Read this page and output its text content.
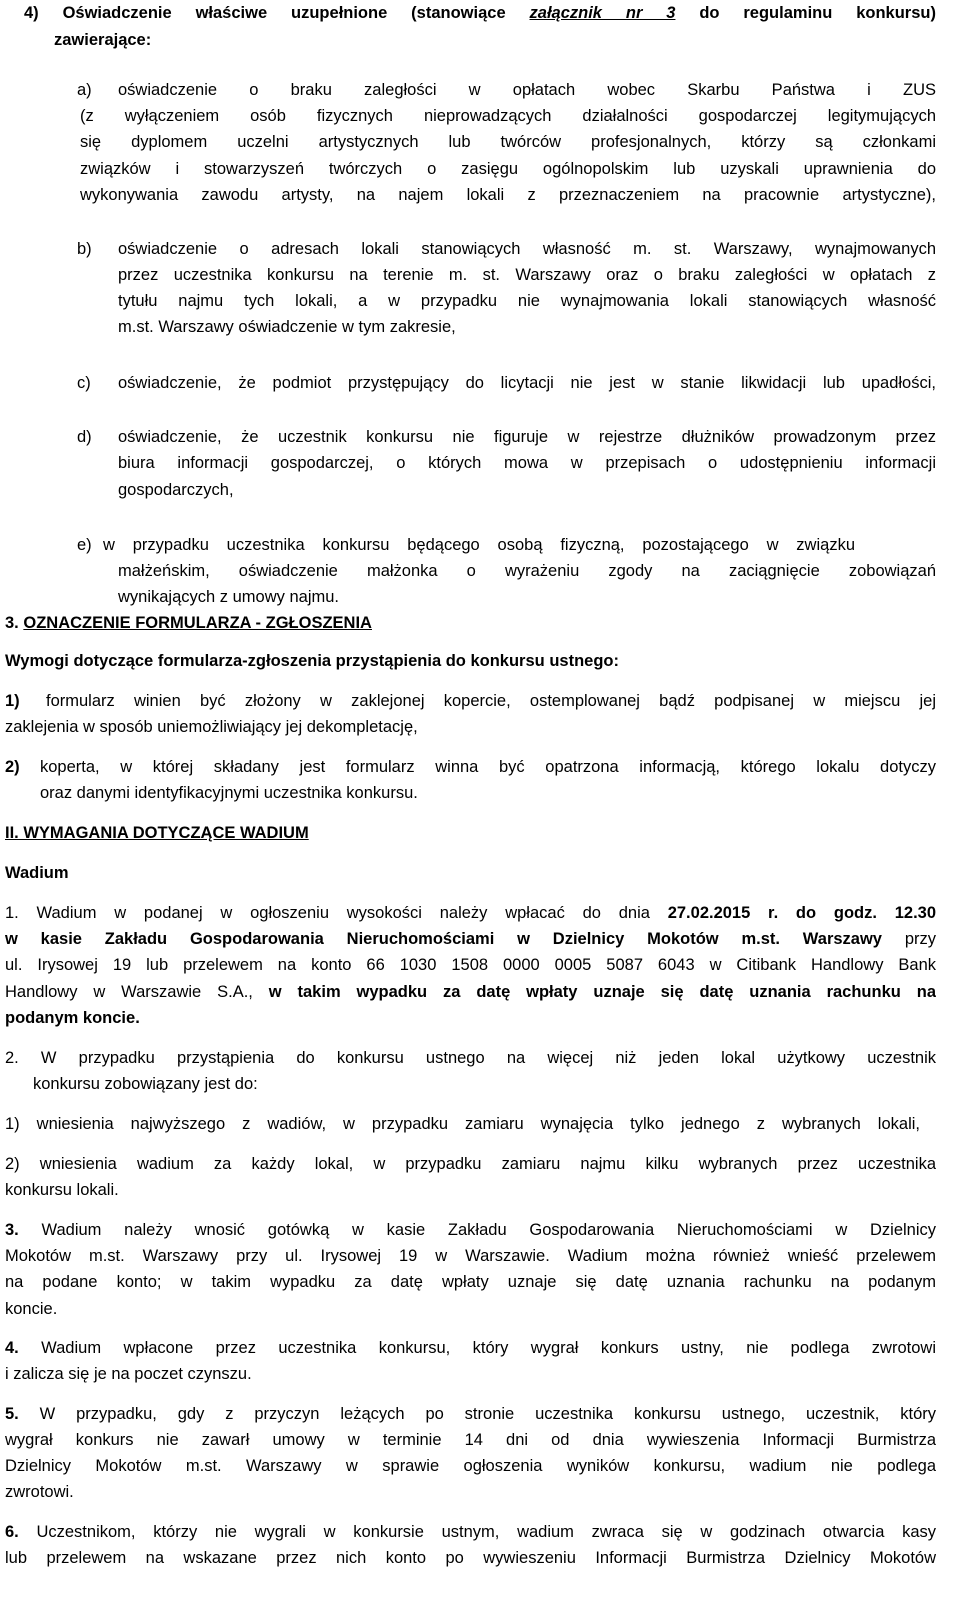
4) Oświadczenie właściwe uzupełnione (stanowiące załącznik nr 3 do regulaminu konkursu)
zawierające:
a)	oświadczenie o braku zaległości w opłatach wobec Skarbu Państwa i ZUS
(z wyłączeniem osób fizycznych nieprowadzących działalności gospodarczej legitymujących
się dyplomem uczelni artystycznych lub twórców profesjonalnych, którzy są członkami
związków i stowarzyszeń twórczych o zasięgu ogólnopolskim lub uzyskali uprawnienia do
wykonywania zawodu artysty, na najem lokali z przeznaczeniem na pracownie artystyczne),
b)	oświadczenie o adresach lokali stanowiących własność m. st. Warszawy, wynajmowanych
przez uczestnika konkursu na terenie m. st. Warszawy oraz o braku zaległości w opłatach z
tytułu najmu tych lokali, a w przypadku nie wynajmowania lokali stanowiących własność
m.st. Warszawy oświadczenie w tym zakresie,
c)	oświadczenie, że podmiot przystępujący do licytacji nie jest w stanie likwidacji lub upadłości,
d)	oświadczenie, że uczestnik konkursu nie figuruje w rejestrze dłużników prowadzonym przez
biura informacji gospodarczej, o których mowa w przepisach o udostępnieniu informacji
gospodarczych,
e) w przypadku uczestnika konkursu będącego osobą fizyczną, pozostającego w związku
małżeńskim, oświadczenie małżonka o wyrażeniu zgody na zaciągnięcie zobowiązań
wynikających z umowy najmu.
3. OZNACZENIE FORMULARZA - ZGŁOSZENIA
Wymogi dotyczące formularza-zgłoszenia przystąpienia do konkursu ustnego:
1)	formularz winien być złożony w zaklejonej kopercie, ostemplowanej bądź podpisanej w miejscu jej
zaklejenia w sposób uniemożliwiający jej dekompletację,
2)	koperta, w której składany jest formularz winna być opatrzona informacją, którego lokalu dotyczy
oraz danymi identyfikacyjnymi uczestnika konkursu.
II. WYMAGANIA DOTYCZĄCE WADIUM
Wadium
1. Wadium w podanej w ogłoszeniu wysokości należy wpłacać do dnia 27.02.2015 r. do godz. 12.30
w kasie Zakładu Gospodarowania Nieruchomościami w Dzielnicy Mokotów m.st. Warszawy przy
ul. Irysowej 19 lub przelewem na konto 66 1030 1508 0000 0005 5087 6043 w Citibank Handlowy Bank
Handlowy w Warszawie S.A., w takim wypadku za datę wpłaty uznaje się datę uznania rachunku na
podanym koncie.
2. W przypadku przystąpienia do konkursu ustnego na więcej niż jeden lokal użytkowy uczestnik
konkursu zobowiązany jest do:
1) wniesienia najwyższego z wadiów, w przypadku zamiaru wynajęcia tylko jednego z wybranych lokali,
2) wniesienia wadium za każdy lokal, w przypadku zamiaru najmu kilku wybranych przez uczestnika
konkursu lokali.
3. Wadium należy wnosić gotówką w kasie Zakładu Gospodarowania Nieruchomościami w Dzielnicy
Mokotów m.st. Warszawy przy ul. Irysowej 19 w Warszawie. Wadium można również wnieść przelewem
na podane konto; w takim wypadku za datę wpłaty uznaje się datę uznania rachunku na podanym
koncie.
4. Wadium wpłacone przez uczestnika konkursu, który wygrał konkurs ustny, nie podlega zwrotowi
i zalicza się je na poczet czynszu.
5. W przypadku, gdy z przyczyn leżących po stronie uczestnika konkursu ustnego, uczestnik, który
wygrał konkurs nie zawarł umowy w terminie 14 dni od dnia wywieszenia Informacji Burmistrza
Dzielnicy Mokotów m.st. Warszawy w sprawie ogłoszenia wyników konkursu, wadium nie podlega
zwrotowi.
6. Uczestnikom, którzy nie wygrali w konkursie ustnym, wadium zwraca się w godzinach otwarcia kasy
lub przelewem na wskazane przez nich konto po wywieszeniu Informacji Burmistrza Dzielnicy Mokotów
